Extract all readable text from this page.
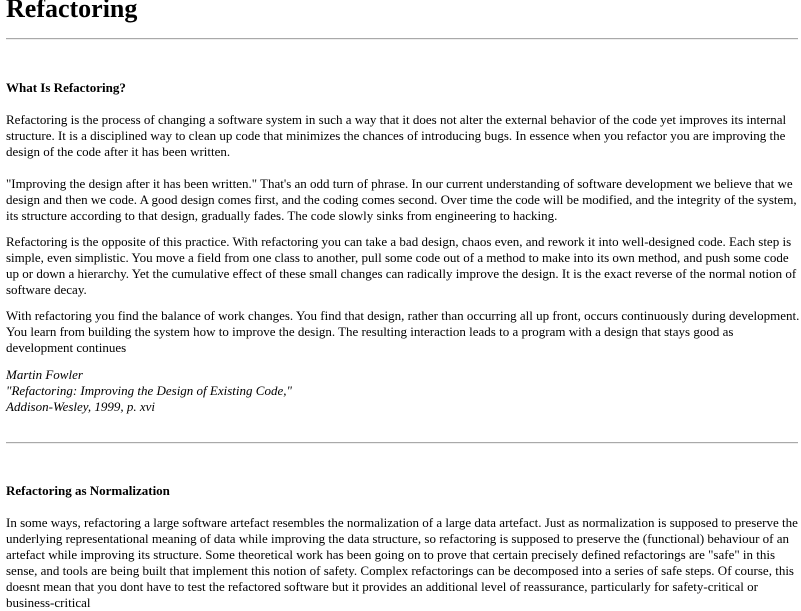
Refactoring
What Is Refactoring?

Refactoring is the process of changing a software system in such a way that it does not alter the external behavior of the code yet improves its internal structure. It is a disciplined way to clean up code that minimizes the chances of introducing bugs. In essence when you refactor you are improving the design of the code after it has been written.

"Improving the design after it has been written." That's an odd turn of phrase. In our current understanding of software development we believe that we design and then we code. A good design comes first, and the coding comes second. Over time the code will be modified, and the integrity of the system, its structure according to that design, gradually fades. The code slowly sinks from engineering to hacking.

Refactoring is the opposite of this practice. With refactoring you can take a bad design, chaos even, and rework it into well-designed code. Each step is simple, even simplistic. You move a field from one class to another, pull some code out of a method to make into its own method, and push some code up or down a hierarchy. Yet the cumulative effect of these small changes can radically improve the design. It is the exact reverse of the normal notion of software decay.

With refactoring you find the balance of work changes. You find that design, rather than occurring all up front, occurs continuously during development. You learn from building the system how to improve the design. The resulting interaction leads to a program with a design that stays good as development continues

Martin Fowler
"Refactoring: Improving the Design of Existing Code,"
Addison-Wesley, 1999, p. xvi
Refactoring as Normalization

In some ways, refactoring a large software artefact resembles the normalization of a large data artefact. Just as normalization is supposed to preserve the underlying representational meaning of data while improving the data structure, so refactoring is supposed to preserve the (functional) behaviour of an artefact while improving its structure. Some theoretical work has been going on to prove that certain precisely defined refactorings are "safe" in this sense, and tools are being built that implement this notion of safety. Complex refactorings can be decomposed into a series of safe steps. Of course, this doesnt mean that you dont have to test the refactored software but it provides an additional level of reassurance, particularly for safety-critical or business-critical
